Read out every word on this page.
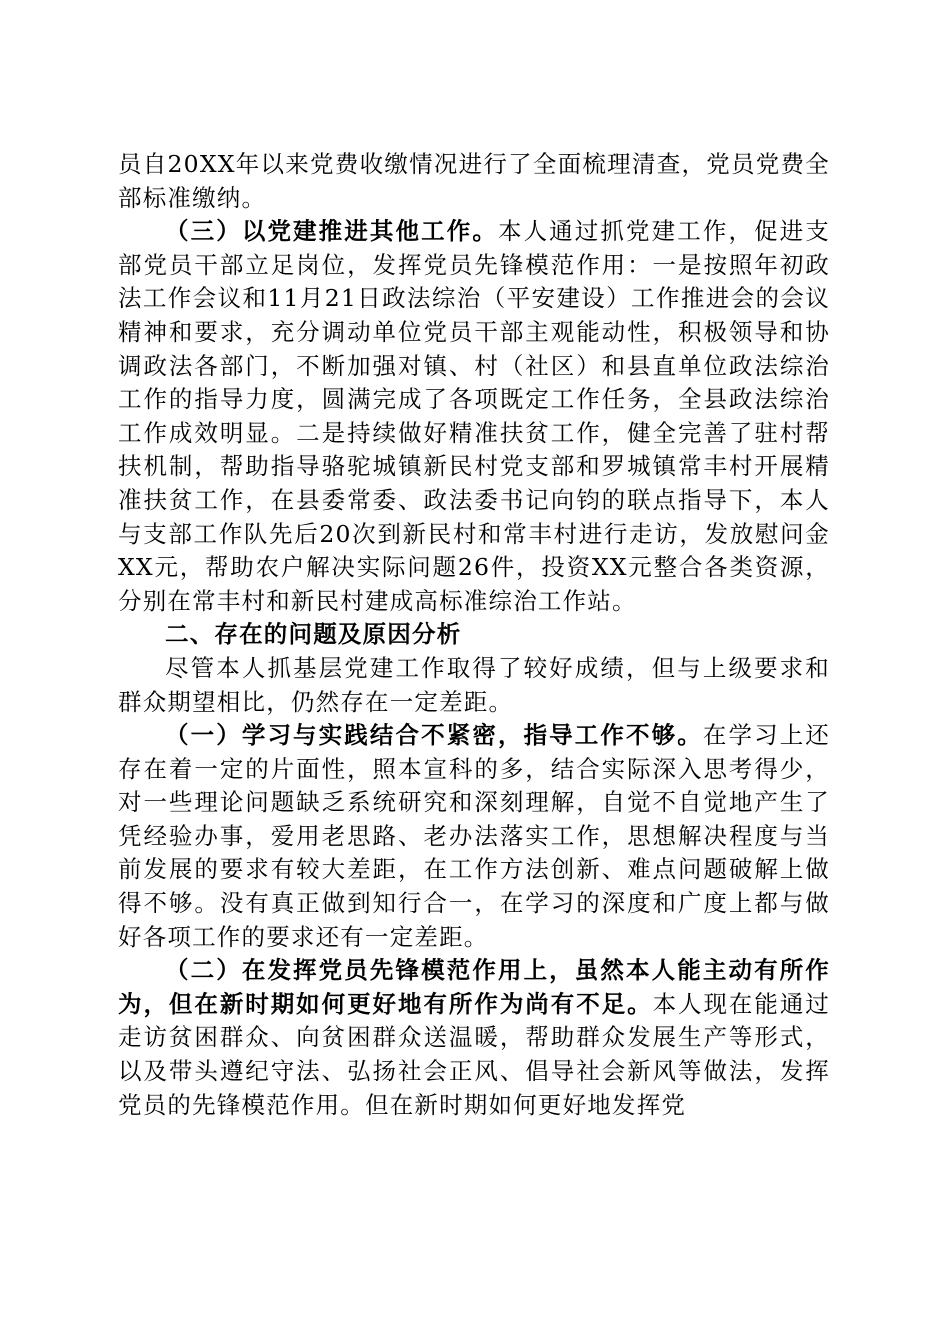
员自20XX年以来党费收缴情况进行了全面梳理清查，党员党费全部标准缴纳。

（三）以党建推进其他工作。本人通过抓党建工作，促进支部党员干部立足岗位，发挥党员先锋模范作用：一是按照年初政法工作会议和11月21日政法综治（平安建设）工作推进会的会议精神和要求，充分调动单位党员干部主观能动性，积极领导和协调政法各部门，不断加强对镇、村（社区）和县直单位政法综治工作的指导力度，圆满完成了各项既定工作任务，全县政法综治工作成效明显。二是持续做好精准扶贫工作，健全完善了驻村帮扶机制，帮助指导骆驼城镇新民村党支部和罗城镇常丰村开展精准扶贫工作，在县委常委、政法委书记向钧的联点指导下，本人与支部工作队先后20次到新民村和常丰村进行走访，发放慰问金XX元，帮助农户解决实际问题26件，投资XX元整合各类资源，分别在常丰村和新民村建成高标准综治工作站。

二、存在的问题及原因分析

尽管本人抓基层党建工作取得了较好成绩，但与上级要求和群众期望相比，仍然存在一定差距。

（一）学习与实践结合不紧密，指导工作不够。在学习上还存在着一定的片面性，照本宣科的多，结合实际深入思考得少，对一些理论问题缺乏系统研究和深刻理解，自觉不自觉地产生了凭经验办事，爱用老思路、老办法落实工作，思想解决程度与当前发展的要求有较大差距，在工作方法创新、难点问题破解上做得不够。没有真正做到知行合一，在学习的深度和广度上都与做好各项工作的要求还有一定差距。

（二）在发挥党员先锋模范作用上，虽然本人能主动有所作为，但在新时期如何更好地有所作为尚有不足。本人现在能通过走访贫困群众、向贫困群众送温暖，帮助群众发展生产等形式，以及带头遵纪守法、弘扬社会正风、倡导社会新风等做法，发挥党员的先锋模范作用。但在新时期如何更好地发挥党
